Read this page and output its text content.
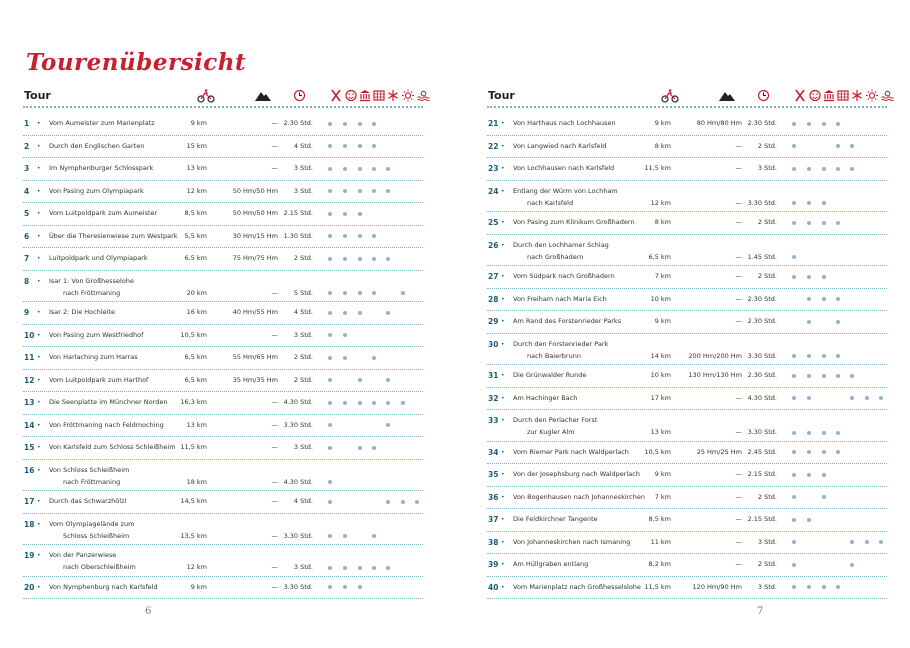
Tourenübersicht
Tour
1 • Vom Aumeister zum Marienplatz	9 km	— 2.30 Std.
2 • Durch den Englischen Garten	15 km	— 4 Std.
3 • Im Nymphenburger Schlosspark	13 km	— 3 Std.
4 • Von Pasing zum Olympiapark	12 km	50 Hm/50 Hm 3 Std.
5 • Vom Luitpoldpark zum Aumeister	8,5 km	50 Hm/50 Hm 2.15 Std.
6 • Über die Theresienwiese zum Westpark 5,5 km	30 Hm/15 Hm 1.30 Std.
7 • Luitpoldpark und Olympiapark	6,5 km	75 Hm/75 Hm 2 Std.
8 • Isar 1: Von Großhesselohe
nach Fröttmaning	20 km	— 5 Std.
9 • Isar 2: Die Hochleite	16 km	40 Hm/55 Hm 4 Std.
10 • Von Pasing zum Westfriedhof	10,5 km	— 3 Std.
11 • Von Harlaching zum Harras	6,5 km	55 Hm/65 Hm 2 Std.
12 • Vom Luitpoldpark zum Harthof	6,5 km	35 Hm/35 Hm 2 Std.
13 • Die Seenplatte im Münchner Norden 16,3 km	— 4.30 Std.
14 • Von Fröttmaning nach Feldmoching	13 km	— 3.30 Std.
15 • Von Karlsfeld zum Schloss Schleißheim 11,5 km	— 3 Std.
16 • Von Schloss Schleißheim
nach Fröttmaning	18 km	— 4.30 Std.
17 • Durch das Schwarzhölzl	14,5 km	— 4 Std.
18 • Vom Olympiagelände zum
Schloss Schleißheim	13,5 km	— 3.30 Std.
19 • Von der Panzerwiese
nach Oberschleißheim	12 km	— 3 Std.
20 • Von Nymphenburg nach Karlsfeld	9 km	— 3.30 Std.
6
Tour
21 • Von Harthaus nach Lochhausen	9 km	80 Hm/80 Hm 2.30 Std.
22 • Von Langwied nach Karlsfeld	8 km	— 2 Std.
23 • Von Lochhausen nach Karlsfeld	11,5 km	— 3 Std.
24 • Entlang der Würm von Lochham
nach Karlsfeld	12 km	— 3.30 Std.
25 • Von Pasing zum Klinikum Großhadern	8 km	— 2 Std.
26 • Durch den Lochhamer Schlag
nach Großhadern	6,5 km	— 1.45 Std.
27 • Vom Südpark nach Großhadern	7 km	— 2 Std.
28 • Von Freiham nach Maria Eich	10 km	— 2.30 Std.
29 • Am Rand des Forstenrieder Parks	9 km	— 2.30 Std.
30 • Durch den Forstenrieder Park
nach Baierbrunn	14 km	200 Hm/200 Hm 3.30 Std.
31 • Die Grünwalder Runde	10 km	130 Hm/130 Hm 2.30 Std.
32 • Am Hachinger Bach	17 km	— 4.30 Std.
33 • Durch den Perlacher Forst
zur Kugler Alm	13 km	— 3.30 Std.
34 • Vom Riemer Park nach Waldperlach 10,5 km	25 Hm/25 Hm 2.45 Std.
35 • Von der Josephsburg nach Waldperlach 9 km	— 2.15 Std.
36 • Von Bogenhausen nach Johanneskirchen 7 km	— 2 Std.
37 • Die Feldkirchner Tangente	8,5 km	— 2.15 Std.
38 • Von Johanneskirchen nach Ismaning	11 km	— 3 Std.
39 • Am Hüllgraben entlang	8,2 km	— 2 Std.
40 • Vom Marienplatz nach Großhesselslohe 11,5 km	120 Hm/90 Hm 3 Std.
7
